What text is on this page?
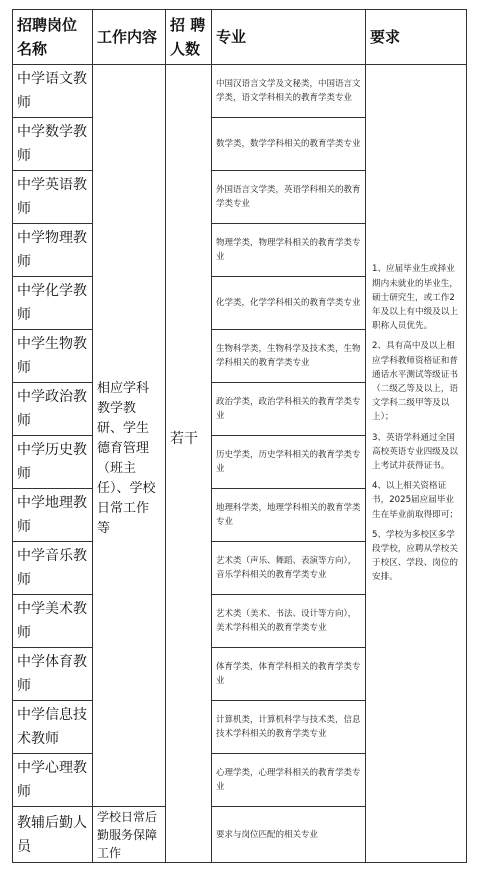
招聘岗位名称	工作内容	招 聘 人数	专业	要求
中学语文教师	相应学科教学教研、学生德育管理（班主任）、学校日常工作等	若干	中国汉语言文学及文秘类，中国语言文学类，语文学科相关的教育学类专业	1、应届毕业生或择业期内未就业的毕业生，硕士研究生，或工作2年及以上有中级及以上职称人员优先。

2、具有高中及以上相应学科教师资格证和普通话水平测试等级证书（二级乙等及以上，语文学科二级甲等及以上）；

3、英语学科通过全国高校英语专业四级及以上考试并获得证书。

4、以上相关资格证书，2025届应届毕业生在毕业前取得即可；

5、学校为多校区多学段学校，应聘从学校关于校区、学段、岗位的安排。

中学数学教师			数学类，数学学科相关的教育学类专业	
中学英语教师			外国语言文学类，英语学科相关的教育学类专业	
中学物理教师			物理学类，物理学科相关的教育学类专业	
中学化学教师			化学类，化学学科相关的教育学类专业	
中学生物教师			生物科学类，生物科学及技术类，生物学科相关的教育学类专业	
中学政治教师			政治学类，政治学科相关的教育学类专业	
中学历史教师			历史学类，历史学科相关的教育学类专业	
中学地理教师			地理科学类，地理学科相关的教育学类专业	
中学音乐教师			艺术类（声乐、舞蹈、表演等方向），音乐学科相关的教育学类专业	
中学美术教师			艺术类（美术、书法、设计等方向），美术学科相关的教育学类专业	
中学体育教师			体育学类，体育学科相关的教育学类专业	
中学信息技术教师			计算机类，计算机科学与技术类，信息技术学科相关的教育学类专业	
中学心理教师			心理学类，心理学科相关的教育学类专业	
教辅后勤人员	学校日常后勤服务保障工作		要求与岗位匹配的相关专业	
